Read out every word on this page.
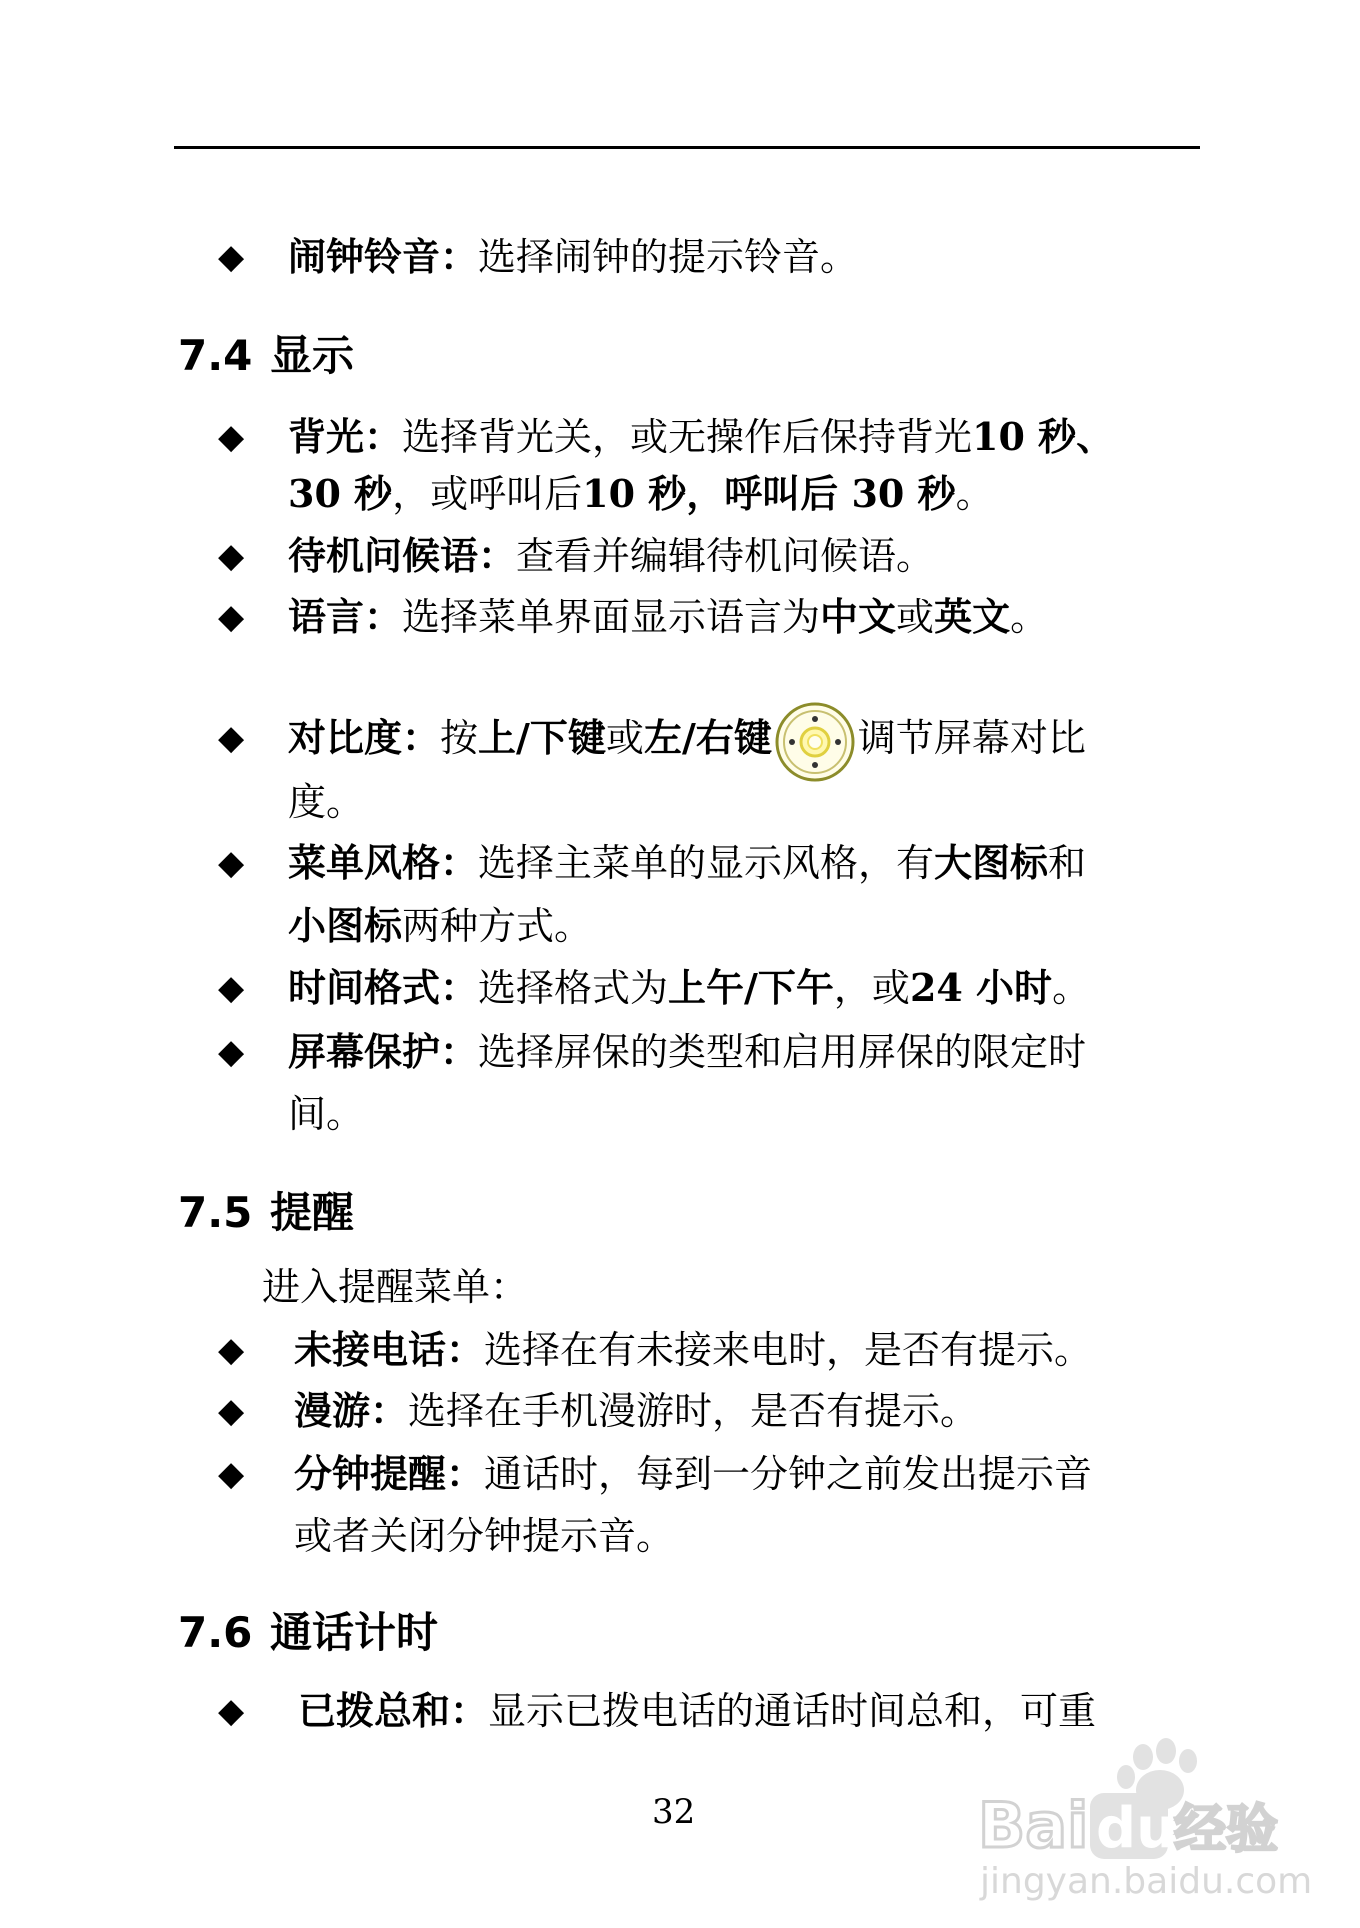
◆ 闹钟铃音：选择闹钟的提示铃音。
7.4 显示
◆ 背光：选择背光关，或无操作后保持背光10 秒、
30 秒，或呼叫后10 秒，呼叫后 30 秒。
◆ 待机问候语：查看并编辑待机问候语。
◆ 语言：选择菜单界面显示语言为中文或英文。
◆ 对比度：按上/下键或左/右键 调节屏幕对比
度。
◆ 菜单风格：选择主菜单的显示风格，有大图标和
小图标两种方式。
◆ 时间格式：选择格式为上午/下午，或24 小时。
◆ 屏幕保护：选择屏保的类型和启用屏保的限定时
间。
7.5 提醒
进入提醒菜单：
◆ 未接电话：选择在有未接来电时，是否有提示。
◆ 漫游：选择在手机漫游时，是否有提示。
◆ 分钟提醒：通话时，每到一分钟之前发出提示音
或者关闭分钟提示音。
7.6 通话计时
◆ 已拨总和：显示已拨电话的通话时间总和，可重
32	Bai du
经验
jingyan.baidu.com
